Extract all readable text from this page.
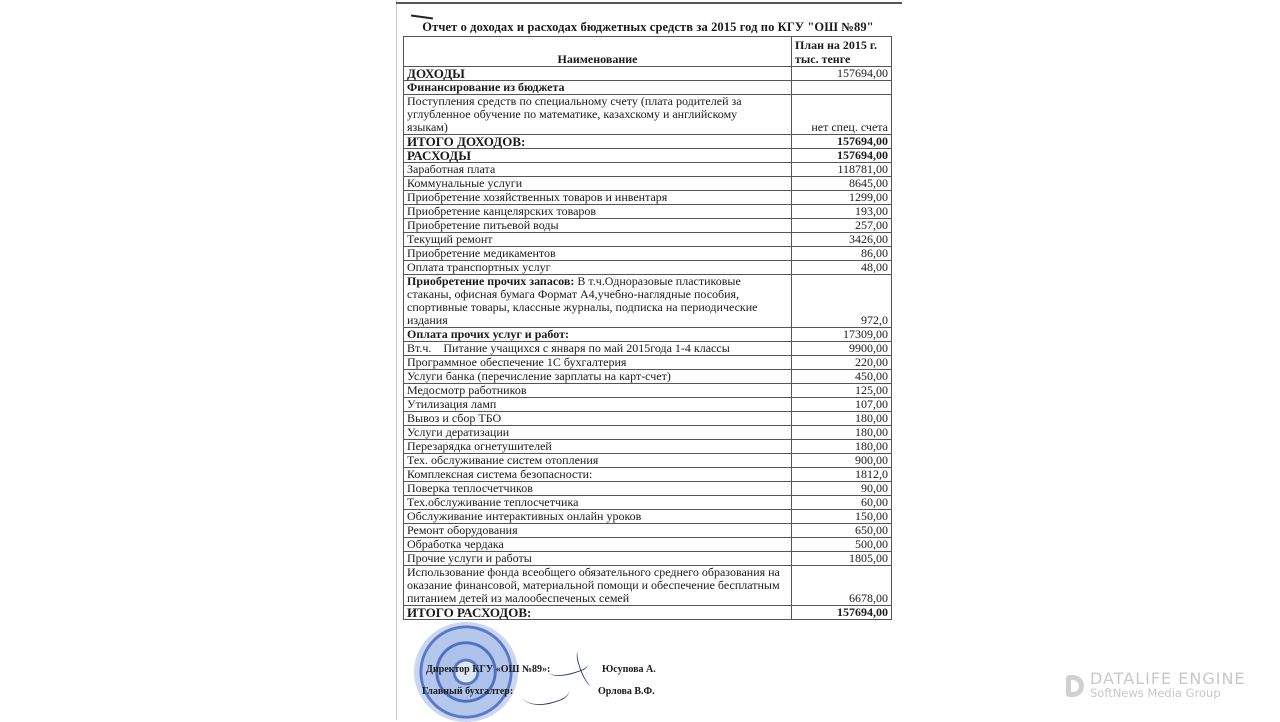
Отчет о доходах и расходах бюджетных средств за 2015 год по КГУ "ОШ №89"
Наименование	План на 2015 г.
тыс. тенге

ДОХОДЫ	157694,00
Финансирование из бюджета	
Поступления средств по специальному счету (плата родителей за углубленное обучение по математике, казахскому и английскому языкам)	нет спец. счета
ИТОГО ДОХОДОВ:	157694,00
РАСХОДЫ	157694,00
Заработная плата	118781,00
Коммунальные услуги	8645,00
Приобретение хозяйственных товаров и инвентаря	1299,00
Приобретение канцелярских товаров	193,00
Приобретение питьевой воды	257,00
Текущий ремонт	3426,00
Приобретение медикаментов	86,00
Оплата транспортных услуг	48,00
Приобретение прочих запасов: В т.ч.Одноразовые пластиковые стаканы, офисная бумага Формат А4,учебно-наглядные пособия, спортивные товары, классные журналы, подписка на периодические издания	972,0
Оплата прочих услуг и работ:	17309,00
Вт.ч. Питание учащихся с января по май 2015года 1-4 классы	9900,00
Программное обеспечение 1С бухгалтерия	220,00
Услуги банка (перечисление зарплаты на карт-счет)	450,00
Медосмотр работников	125,00
Утилизация ламп	107,00
Вывоз и сбор ТБО	180,00
Услуги дератизации	180,00
Перезарядка огнетушителей	180,00
Тех. обслуживание систем отопления	900,00
Комплексная система безопасности:	1812,0
Поверка теплосчетчиков	90,00
Тех.обслуживание теплосчетчика	60,00
Обслуживание интерактивных онлайн уроков	150,00
Ремонт оборудования	650,00
Обработка чердака	500,00
Прочие услуги и работы	1805,00
Использование фонда всеобщего обязательного среднего образования на оказание финансовой, материальной помощи и обеспечение бесплатным питанием детей из малообеспеченых семей	6678,00
ИТОГО РАСХОДОВ:	157694,00
Директор КГУ «ОШ №89»:	Юсупова А.
Главный бухгалтер:	Орлова В.Ф.
DATALIFE ENGINE
SoftNews Media Group
